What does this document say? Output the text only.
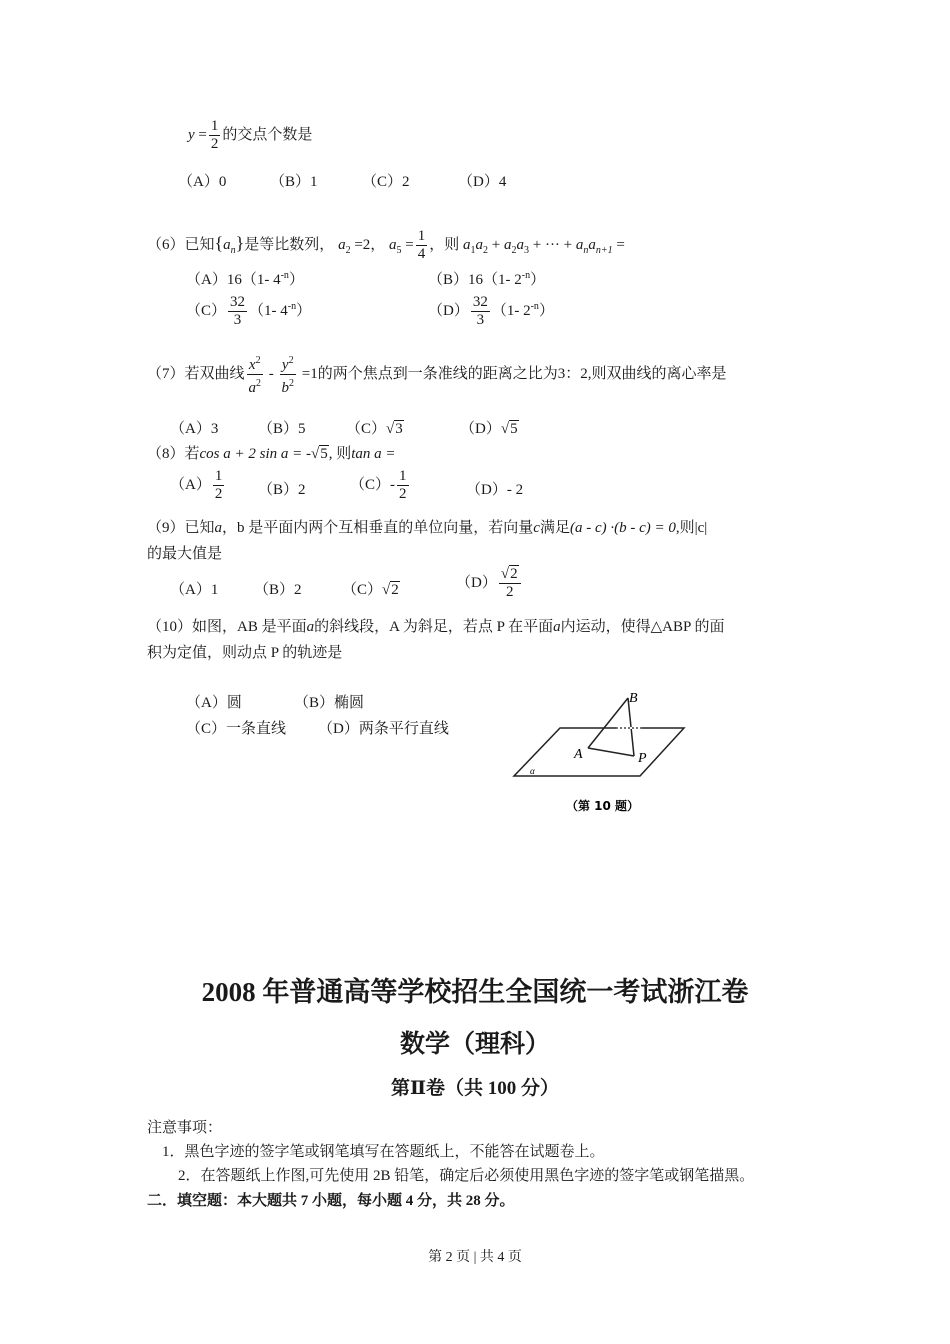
$y = \frac{1}{2}$ 的交点个数是
（A）0	（B）1	（C）2	（D）4
（6）已知$\{a_n\}$是等比数列， $a_2 =2$， $a_5 = \frac{1}{4}$ ，则 $a_1a_2 + a_2a_3$ + ··· + $a_na_{n+1}$ =
（A）16（1- $4^{-n}$）	（B）16（1- $2^{-n}$）
$(C) \frac{32}{3} (1-$ $4^{-n}$）	$(D) \frac{32}{3} (1-$ $2^{-n}$）
（7）若双曲线 $\frac{x^2}{a^2} - \frac{y^2}{b^2} =1$的两个焦点到一条准线的距离之比为3：2,则双曲线的离心率是
（A）3	（B）5	（C）√3	（D）√5
（8）若cos a + 2 sin a = -√5, 则tan a =
$(A) \frac{1}{2} (B)2$	$(C)- \frac{1}{2}$	（D）- 2
（9）已知a，b 是平面内两个互相垂直的单位向量，若向量c满足(a - c) ·(b - c) = 0,则|c|
的最大值是
（A）1 （B）2	（C）√2	$(D) \frac{√2}{2}$
（10）如图，AB 是平面a的斜线段，A 为斜足，若点 P 在平面a内运动，使得△ABP 的面
积为定值，则动点 P 的轨迹是
（A）圆	（B）椭圆
（C）一条直线 （D）两条平行直线
B
A	P
α
（第 10 题）
2008 年普通高等学校招生全国统一考试浙江卷
数学（理科）
第Ⅱ卷（共 100 分）
注意事项：
1．黑色字迹的签字笔或钢笔填写在答题纸上，不能答在试题卷上。
2．在答题纸上作图,可先使用 2B 铅笔，确定后必须使用黑色字迹的签字笔或钢笔描黑。
二．填空题：本大题共 7 小题，每小题 4 分，共 28 分。
第 2 页 | 共 4 页
